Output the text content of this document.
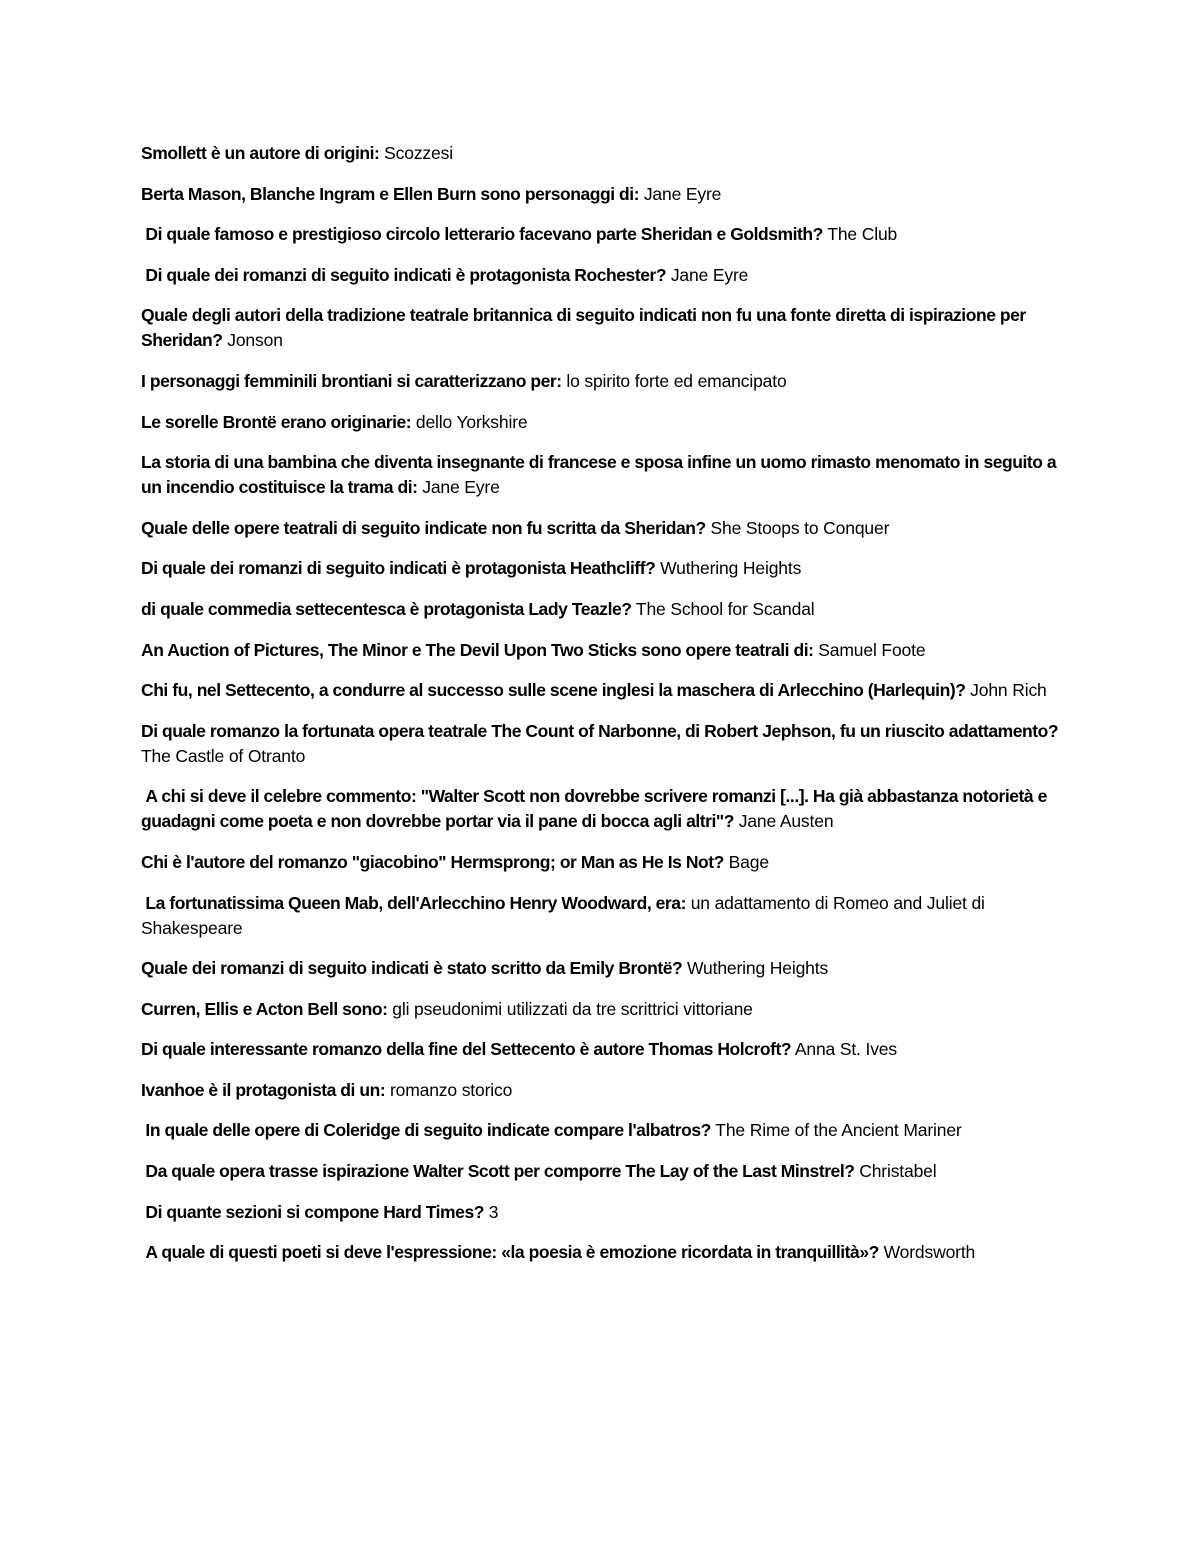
Smollett è un autore di origini: Scozzesi
Berta Mason, Blanche Ingram e Ellen Burn sono personaggi di: Jane Eyre
Di quale famoso e prestigioso circolo letterario facevano parte Sheridan e Goldsmith? The Club
Di quale dei romanzi di seguito indicati è protagonista Rochester? Jane Eyre
Quale degli autori della tradizione teatrale britannica di seguito indicati non fu una fonte diretta di ispirazione per Sheridan? Jonson
I personaggi femminili brontiani si caratterizzano per: lo spirito forte ed emancipato
Le sorelle Brontë erano originarie: dello Yorkshire
La storia di una bambina che diventa insegnante di francese e sposa infine un uomo rimasto menomato in seguito a un incendio costituisce la trama di: Jane Eyre
Quale delle opere teatrali di seguito indicate non fu scritta da Sheridan? She Stoops to Conquer
Di quale dei romanzi di seguito indicati è protagonista Heathcliff? Wuthering Heights
di quale commedia settecentesca è protagonista Lady Teazle? The School for Scandal
An Auction of Pictures, The Minor e The Devil Upon Two Sticks sono opere teatrali di: Samuel Foote
Chi fu, nel Settecento, a condurre al successo sulle scene inglesi la maschera di Arlecchino (Harlequin)? John Rich
Di quale romanzo la fortunata opera teatrale The Count of Narbonne, di Robert Jephson, fu un riuscito adattamento? The Castle of Otranto
A chi si deve il celebre commento: "Walter Scott non dovrebbe scrivere romanzi [...]. Ha già abbastanza notorietà e guadagni come poeta e non dovrebbe portar via il pane di bocca agli altri"? Jane Austen
Chi è l'autore del romanzo "giacobino" Hermsprong; or Man as He Is Not? Bage
La fortunatissima Queen Mab, dell'Arlecchino Henry Woodward, era: un adattamento di Romeo and Juliet di Shakespeare
Quale dei romanzi di seguito indicati è stato scritto da Emily Brontë? Wuthering Heights
Curren, Ellis e Acton Bell sono: gli pseudonimi utilizzati da tre scrittrici vittoriane
Di quale interessante romanzo della fine del Settecento è autore Thomas Holcroft? Anna St. Ives
Ivanhoe è il protagonista di un: romanzo storico
In quale delle opere di Coleridge di seguito indicate compare l'albatros? The Rime of the Ancient Mariner
Da quale opera trasse ispirazione Walter Scott per comporre The Lay of the Last Minstrel? Christabel
Di quante sezioni si compone Hard Times? 3
A quale di questi poeti si deve l'espressione: «la poesia è emozione ricordata in tranquillità»? Wordsworth
